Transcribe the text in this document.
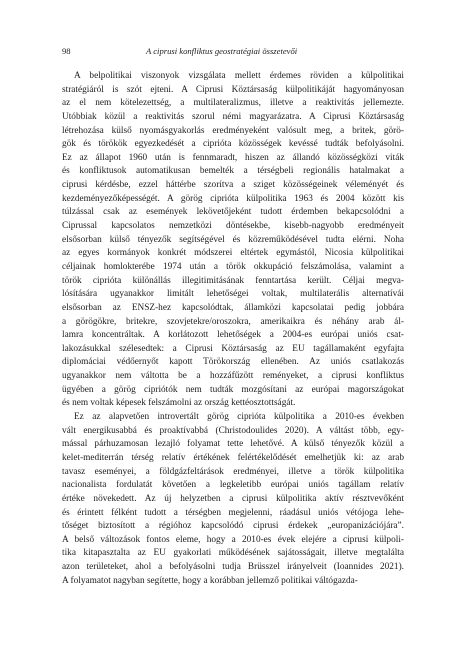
98	A ciprusi konfliktus geostratégiai összetevői
A belpolitikai viszonyok vizsgálata mellett érdemes röviden a külpolitikai
stratégiáról is szót ejteni. A Ciprusi Köztársaság külpolitikáját hagyományosan
az el nem kötelezettség, a multilateralizmus, illetve a reaktivitás jellemezte.
Utóbbiak közül a reaktivitás szorul némi magyarázatra. A Ciprusi Köztársaság
létrehozása külső nyomásgyakorlás eredményeként valósult meg, a britek, görö-
gök és törökök egyezkedését a ciprióta közösségek kevéssé tudták befolyásolni.
Ez az állapot 1960 után is fennmaradt, hiszen az állandó közösségközi viták
és konfliktusok automatikusan bemelték a térségbeli regionális hatalmakat a
ciprusi kérdésbe, ezzel háttérbe szorítva a sziget közösségeinek véleményét és
kezdeményezőképességét. A görög ciprióta külpolitika 1963 és 2004 között kis
túlzással csak az események lekövetőjeként tudott érdemben bekapcsolódni a
Ciprussal kapcsolatos nemzetközi döntésekbe, kisebb-nagyobb eredményeit
elsősorban külső tényezők segítségével és közreműködésével tudta elérni. Noha
az egyes kormányok konkrét módszerei eltértek egymástól, Nicosia külpolitikai
céljainak homlokterébe 1974 után a török okkupáció felszámolása, valamint a
török ciprióta különállás illegitimitásának fenntartása került. Céljai megva-
lósítására ugyanakkor limitált lehetőségei voltak, multilaterális alternatívái
elsősorban az ENSZ-hez kapcsolódtak, államközi kapcsolatai pedig jobbára
a görögökre, britekre, szovjetekre/oroszokra, amerikaikra és néhány arab ál-
lamra koncentráltak. A korlátozott lehetőségek a 2004-es európai uniós csat-
lakozásukkal szélesedtek: a Ciprusi Köztársaság az EU tagállamaként egyfajta
diplomáciai védőernyőt kapott Törökország ellenében. Az uniós csatlakozás
ugyanakkor nem váltotta be a hozzáfűzött reményeket, a ciprusi konfliktus
ügyében a görög cipriótók nem tudták mozgósítani az európai magországokat
és nem voltak képesek felszámolni az ország kettéosztottságát.
Ez az alapvetően introvertált görög ciprióta külpolitika a 2010-es években
vált energikusabbá és proaktívabbá (Christodoulides 2020). A váltást több, egy-
mással párhuzamosan lezajló folyamat tette lehetővé. A külső tényezők közül a
kelet-mediterrán térség relatív értékének felértékelődését emelhetjük ki: az arab
tavasz eseményei, a földgázfeltárások eredményei, illetve a török külpolitika
nacionalista fordulatát követően a legkeletibb európai uniós tagállam relatív
értéke növekedett. Az új helyzetben a ciprusi külpolitika aktív résztvevőként
és érintett félként tudott a térségben megjelenni, ráadásul uniós vétójoga lehe-
tőséget biztosított a régióhoz kapcsolódó ciprusi érdekek „europanizációjára”.
A belső változások fontos eleme, hogy a 2010-es évek elejére a ciprusi külpoli-
tika kitapasztalta az EU gyakorlati működésének sajátosságait, illetve megtalálta
azon területeket, ahol a befolyásolni tudja Brüsszel irányelveit (Ioannides 2021).
A folyamatot nagyban segítette, hogy a korábban jellemző politikai váltógazda-
